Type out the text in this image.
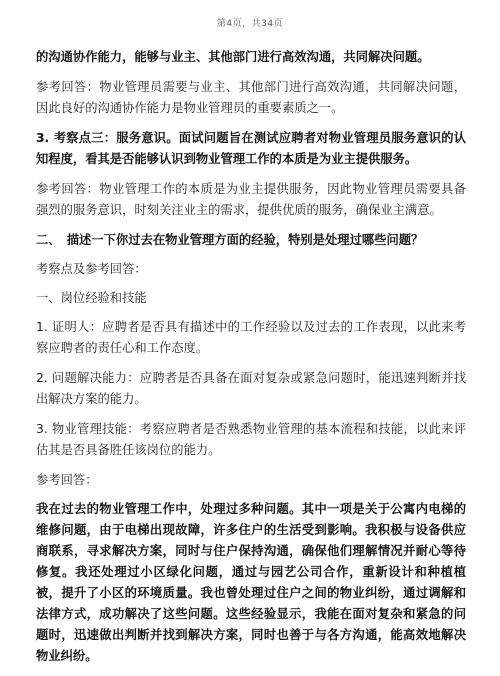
第4页，共34页

的沟通协作能力，能够与业主、其他部门进行高效沟通，共同解决问题。

参考回答：物业管理员需要与业主、其他部门进行高效沟通，共同解决问题，因此良好的沟通协作能力是物业管理员的重要素质之一。

3. 考察点三：服务意识。面试问题旨在测试应聘者对物业管理员服务意识的认知程度，看其是否能够认识到物业管理工作的本质是为业主提供服务。

参考回答：物业管理工作的本质是为业主提供服务，因此物业管理员需要具备强烈的服务意识，时刻关注业主的需求，提供优质的服务，确保业主满意。

二、　描述一下你过去在物业管理方面的经验，特别是处理过哪些问题？

考察点及参考回答：

一、岗位经验和技能

1. 证明人：应聘者是否具有描述中的工作经验以及过去的工作表现，以此来考察应聘者的责任心和工作态度。

2. 问题解决能力：应聘者是否具备在面对复杂或紧急问题时，能迅速判断并找出解决方案的能力。

3. 物业管理技能：考察应聘者是否熟悉物业管理的基本流程和技能，以此来评估其是否具备胜任该岗位的能力。

参考回答：

我在过去的物业管理工作中，处理过多种问题。其中一项是关于公寓内电梯的维修问题，由于电梯出现故障，许多住户的生活受到影响。我积极与设备供应商联系，寻求解决方案，同时与住户保持沟通，确保他们理解情况并耐心等待修复。我还处理过小区绿化问题，通过与园艺公司合作，重新设计和种植植被，提升了小区的环境质量。我也曾处理过住户之间的物业纠纷，通过调解和法律方式，成功解决了这些问题。这些经验显示，我能在面对复杂和紧急的问题时，迅速做出判断并找到解决方案，同时也善于与各方沟通，能高效地解决物业纠纷。
